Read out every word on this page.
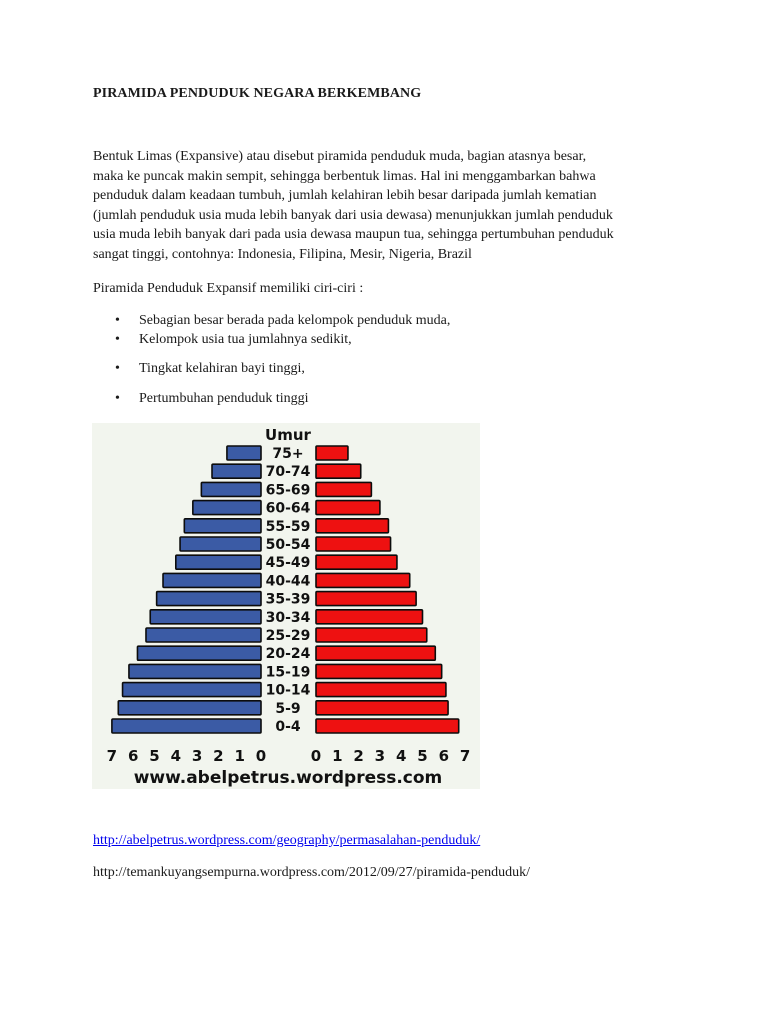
PIRAMIDA PENDUDUK NEGARA BERKEMBANG
Bentuk Limas (Expansive) atau disebut piramida penduduk muda, bagian atasnya besar,
maka ke puncak makin sempit, sehingga berbentuk limas. Hal ini menggambarkan bahwa
penduduk dalam keadaan tumbuh, jumlah kelahiran lebih besar daripada jumlah kematian
(jumlah penduduk usia muda lebih banyak dari usia dewasa) menunjukkan jumlah penduduk
usia muda lebih banyak dari pada usia dewasa maupun tua, sehingga pertumbuhan penduduk
sangat tinggi, contohnya: Indonesia, Filipina, Mesir, Nigeria, Brazil
Piramida Penduduk Expansif memiliki ciri-ciri :
• Sebagian besar berada pada kelompok penduduk muda,
• Kelompok usia tua jumlahnya sedikit,
• Tingkat kelahiran bayi tinggi,
• Pertumbuhan penduduk tinggi
Umur
75+
70-74
65-69
60-64
55-59
50-54
45-49
40-44
35-39
30-34
25-29
20-24
15-19
10-14
5-9
0-4
7 6 5 4 3 2 1 0	0 1 2 3 4 5 6 7
www.abelpetrus.wordpress.com
http://abelpetrus.wordpress.com/geography/permasalahan-penduduk/
http://temankuyangsempurna.wordpress.com/2012/09/27/piramida-penduduk/
